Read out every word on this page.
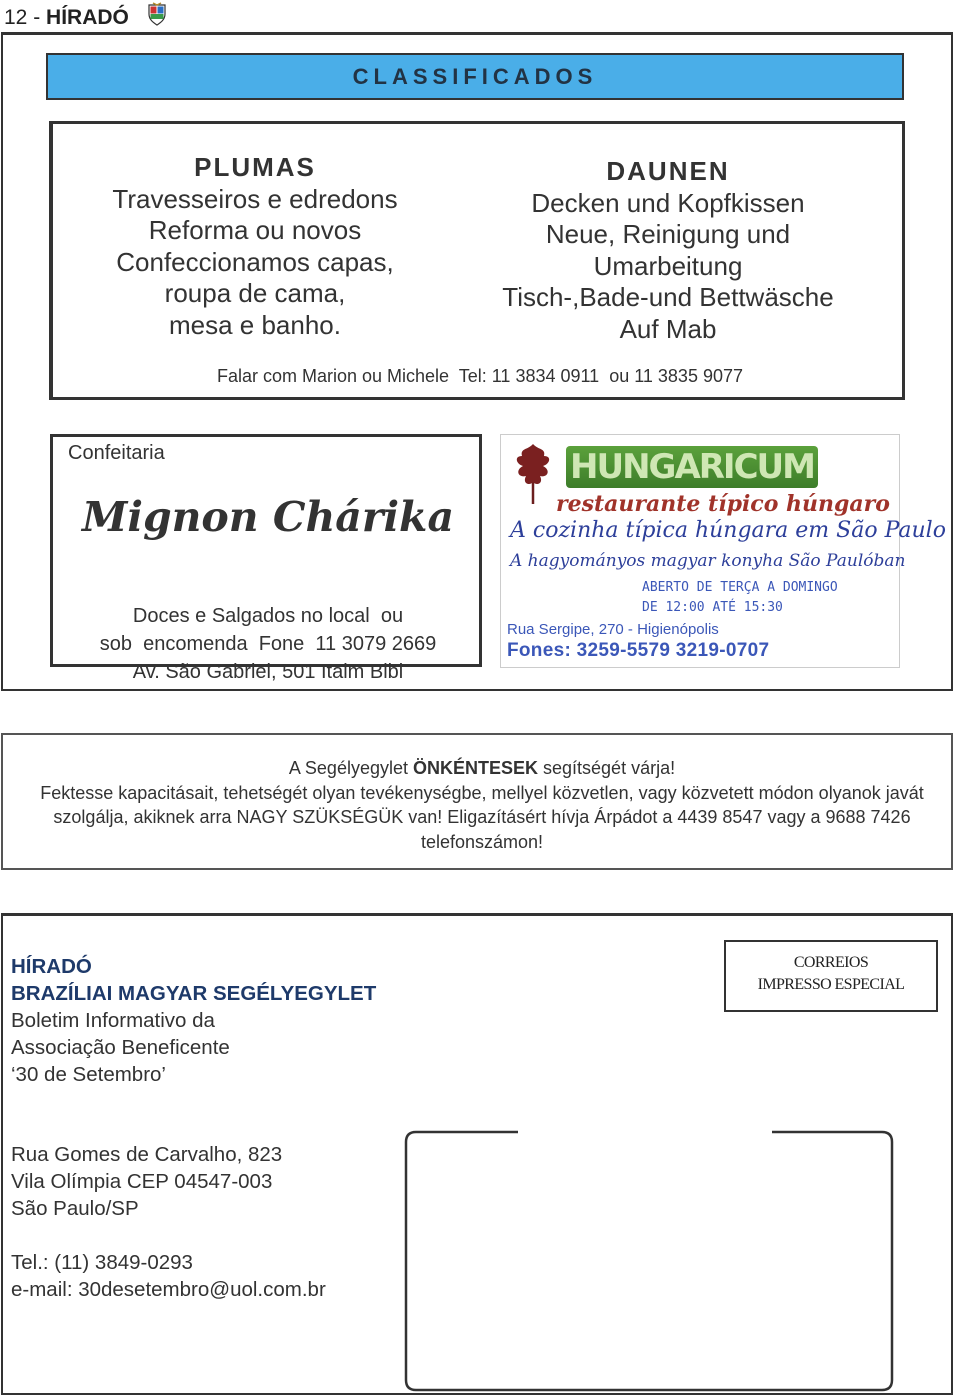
12 - HÍRADÓ
CLASSIFICADOS
PLUMAS
Travesseiros e edredons
Reforma ou novos
Confeccionamos capas,
roupa de cama,
mesa e banho.
DAUNEN
Decken und Kopfkissen
Neue, Reinigung und
Umarbeitung
Tisch-,Bade-und Bettwäsche
Auf Mab
Falar com Marion ou Michele  Tel: 11 3834 0911  ou 11 3835 9077
Confeitaria
Mignon Chárika

Doces e Salgados no local  ou
sob  encomenda  Fone  11 3079 2669
Av. São Gabriel, 501 Itaim Bibi

HUNGARICUM
restaurante típico húngaro
A cozinha típica húngara em São Paulo
A hagyományos magyar konyha São Paulóban
ABERTO DE TERÇA A DOMINGO
DE 12:00 ATÉ 15:30
Rua Sergipe, 270 - Higienópolis
Fones: 3259-5579 3219-0707
A Segélyegylet ÖNKÉNTESEK segítségét várja!
Fektesse kapacitásait, tehetségét olyan tevékenységbe, mellyel közvetlen, vagy közvetett módon olyanok javát szolgálja, akiknek arra NAGY SZÜKSÉGÜK van! Eligazításért hívja Árpádot a 4439 8547 vagy a 9688 7426 telefonszámon!
HÍRADÓ
BRAZÍLIAI MAGYAR SEGÉLYEGYLET
Boletim Informativo da
Associação Beneficente
‘30 de Setembro’
CORREIOS
IMPRESSO ESPECIAL
Rua Gomes de Carvalho, 823
Vila Olímpia CEP 04547-003
São Paulo/SP
Tel.: (11) 3849-0293
e-mail: 30desetembro@uol.com.br
